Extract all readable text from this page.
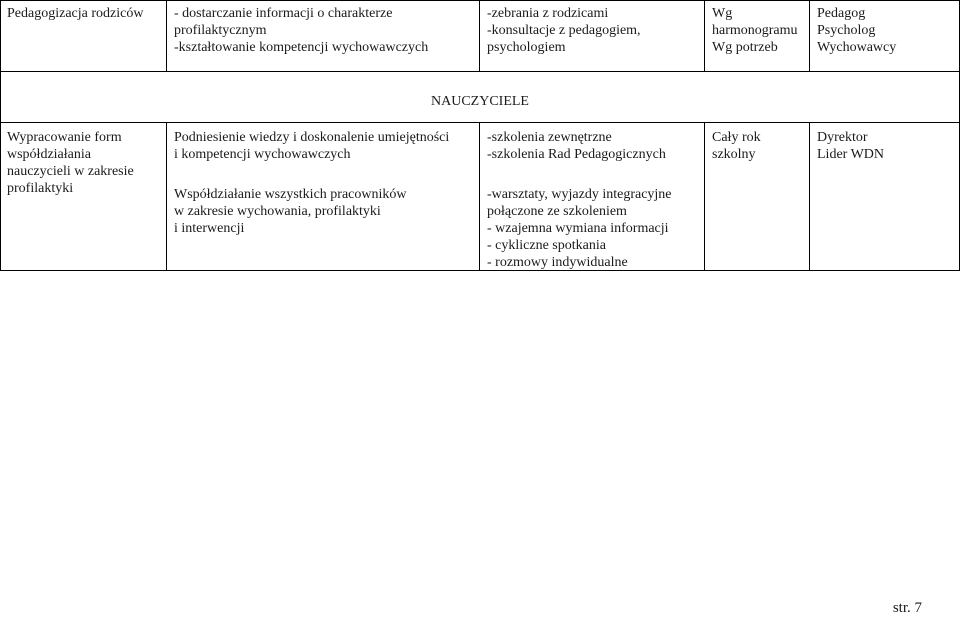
Pedagogizacja rodziców - dostarczanie informacji o charakterze
profilaktycznym
-kształtowanie kompetencji wychowawczych
-zebrania z rodzicami
-konsultacje z pedagogiem,
psychologiem
Wg
harmonogramu
Wg potrzeb
Pedagog
Psycholog
Wychowawcy
NAUCZYCIELE
Wypracowanie form
współdziałania
nauczycieli w zakresie
profilaktyki
Podniesienie wiedzy i doskonalenie umiejętności
i kompetencji wychowawczych
Współdziałanie wszystkich pracowników
w zakresie wychowania, profilaktyki
i interwencji
-szkolenia zewnętrzne
-szkolenia Rad Pedagogicznych
-warsztaty, wyjazdy integracyjne
połączone ze szkoleniem
- wzajemna wymiana informacji
- cykliczne spotkania
- rozmowy indywidualne
Cały rok
szkolny
Dyrektor
Lider WDN
str. 7
